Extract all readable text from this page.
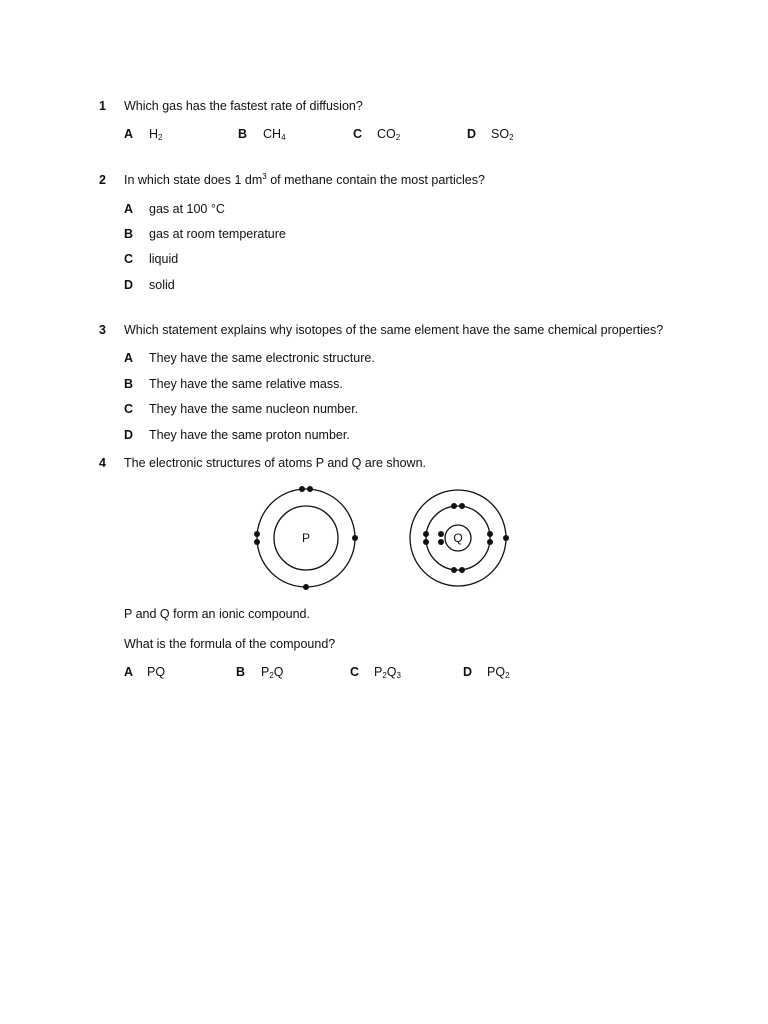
1 Which gas has the fastest rate of diffusion?
A $H_2$	B $CH_4$	C $CO_2$	D $SO_2$
2 In which state does 1 $dm^3$ of methane contain the most particles?
A gas at 100 °C
B gas at room temperature
C liquid
D solid
3 Which statement explains why isotopes of the same element have the same chemical properties?
A They have the same electronic structure.
B They have the same relative mass.
C They have the same nucleon number.
D They have the same proton number.
4 The electronic structures of atoms P and Q are shown.
P	Q
P and Q form an ionic compound.
What is the formula of the compound?
A PQ	B $P_2Q$	C $P_2Q_3$	D $PQ_2$
